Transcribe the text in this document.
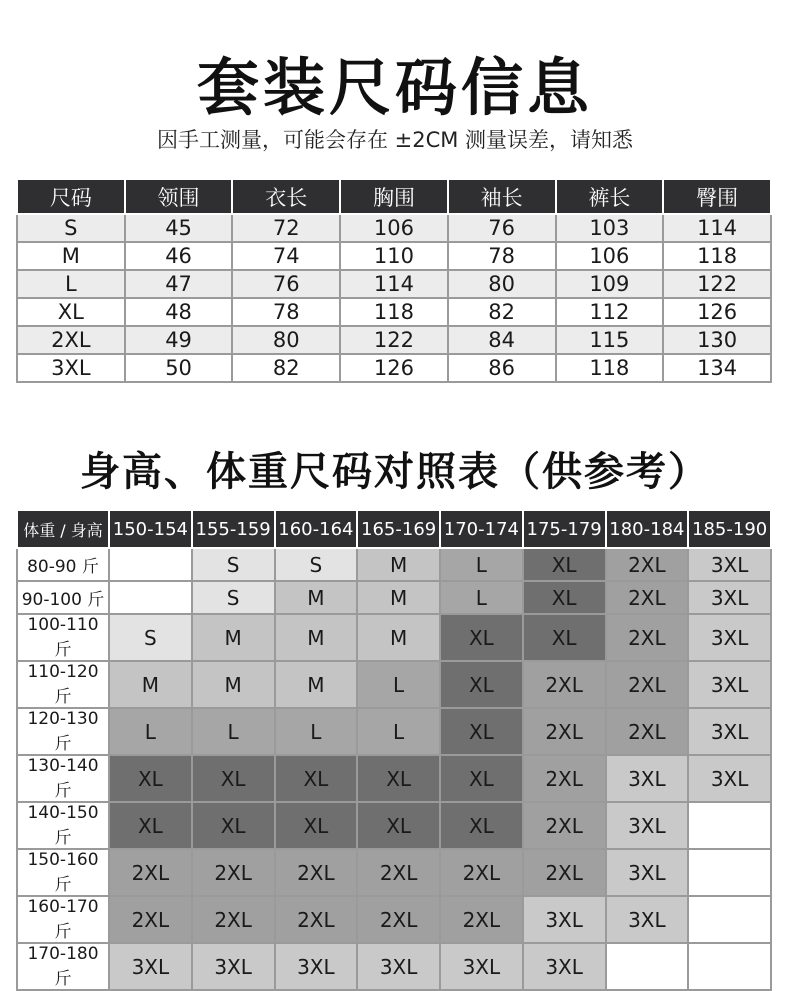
套装尺码信息
因手工测量，可能会存在 ±2CM 测量误差，请知悉
尺码	领围	衣长	胸围	袖长	裤长	臀围
S	45	72	106	76	103	114
M	46	74	110	78	106	118
L	47	76	114	80	109	122
XL	48	78	118	82	112	126
2XL	49	80	122	84	115	130
3XL	50	82	126	86	118	134
身高、体重尺码对照表（供参考）
体重 / 身高	150-154	155-159	160-164	165-169	170-174	175-179	180-184	185-190
80-90 斤		S	S	M	L	XL	2XL	3XL
90-100 斤		S	M	M	L	XL	2XL	3XL
100-110 斤	S	M	M	M	XL	XL	2XL	3XL
110-120 斤	M	M	M	L	XL	2XL	2XL	3XL
120-130 斤	L	L	L	L	XL	2XL	2XL	3XL
130-140 斤	XL	XL	XL	XL	XL	2XL	3XL	3XL
140-150 斤	XL	XL	XL	XL	XL	2XL	3XL	
150-160 斤	2XL	2XL	2XL	2XL	2XL	2XL	3XL	
160-170 斤	2XL	2XL	2XL	2XL	2XL	3XL	3XL	
170-180 斤	3XL	3XL	3XL	3XL	3XL	3XL		
